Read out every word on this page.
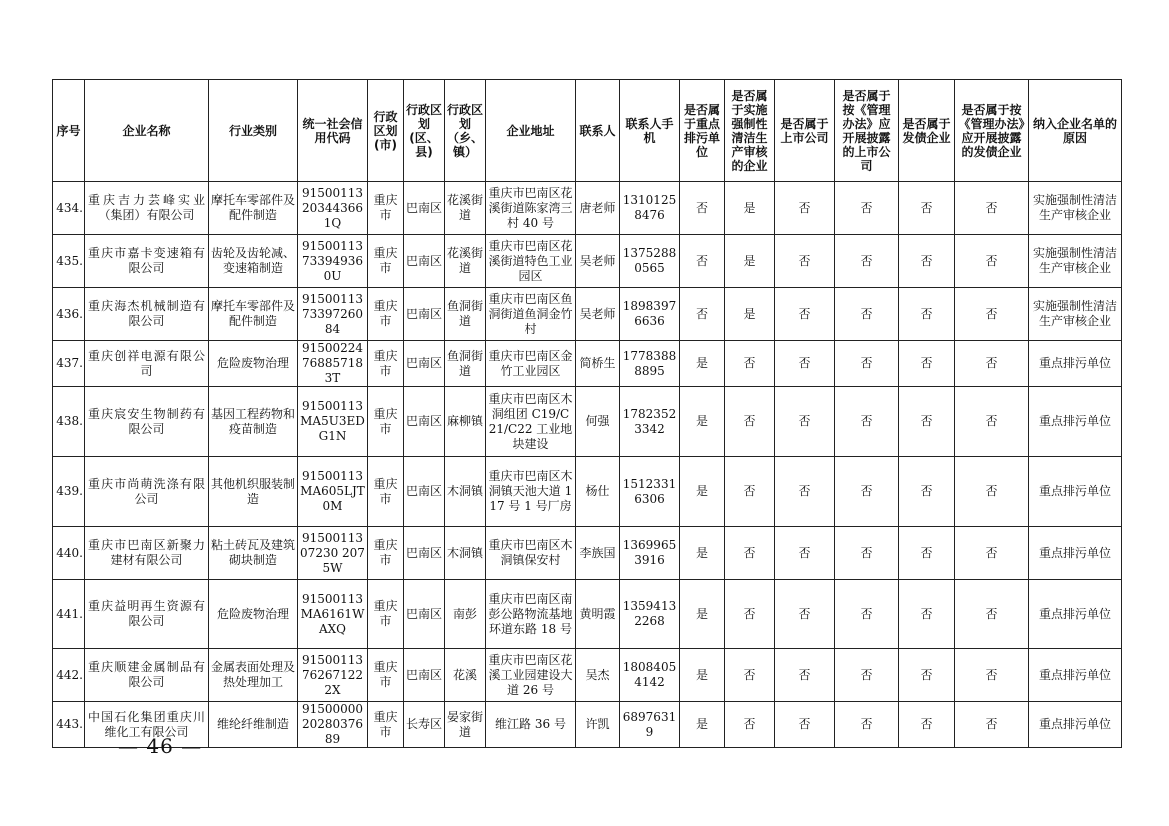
序号	企业名称	行业类别	统一社会信用代码	行政区划(市)	行政区划(区、县)	行政区划（乡、镇）	企业地址	联系人	联系人手机	是否属于重点排污单位	是否属于实施强制性清洁生产审核的企业	是否属于上市公司	是否属于按《管理办法》应开展披露的上市公司	是否属于发债企业	是否属于按《管理办法》应开展披露的发债企业	纳入企业名单的原因
434.	重庆吉力芸峰实业（集团）有限公司	摩托车零部件及配件制造	91500113203443661Q	重庆市	巴南区	花溪街道	重庆市巴南区花溪街道陈家湾三村 40 号	唐老师	13101258476	否	是	否	否	否	否	实施强制性清洁生产审核企业
435.	重庆市嘉卡变速箱有限公司	齿轮及齿轮减、变速箱制造	91500113733949360U	重庆市	巴南区	花溪街道	重庆市巴南区花溪街道特色工业园区	吴老师	13752880565	否	是	否	否	否	否	实施强制性清洁生产审核企业
436.	重庆海杰机械制造有限公司	摩托车零部件及配件制造	915001137339726084	重庆市	巴南区	鱼洞街道	重庆市巴南区鱼洞街道鱼洞金竹村	吴老师	18983976636	否	是	否	否	否	否	实施强制性清洁生产审核企业
437.	重庆创祥电源有限公司	危险废物治理	91500224768857183T	重庆市	巴南区	鱼洞街道	重庆市巴南区金竹工业园区	简桥生	17783888895	是	否	否	否	否	否	重点排污单位
438.	重庆宸安生物制药有限公司	基因工程药物和疫苗制造	91500113MA5U3EDG1N	重庆市	巴南区	麻柳镇	重庆市巴南区木洞组团 C19/C21/C22 工业地块建设	何强	17823523342	是	否	否	否	否	否	重点排污单位
439.	重庆市尚萌洗涤有限公司	其他机织服装制造	91500113MA605LJT0M	重庆市	巴南区	木洞镇	重庆市巴南区木洞镇天池大道 117 号 1 号厂房	杨仕	15123316306	是	否	否	否	否	否	重点排污单位
440.	重庆市巴南区新聚力建材有限公司	粘土砖瓦及建筑砌块制造	9150011307230 2075W	重庆市	巴南区	木洞镇	重庆市巴南区木洞镇保安村	李族国	13699653916	是	否	否	否	否	否	重点排污单位
441.	重庆益明再生资源有限公司	危险废物治理	91500113MA6161WAXQ	重庆市	巴南区	南彭	重庆市巴南区南彭公路物流基地环道东路 18 号	黄明霞	13594132268	是	否	否	否	否	否	重点排污单位
442.	重庆顺建金属制品有限公司	金属表面处理及热处理加工	91500113762671222X	重庆市	巴南区	花溪	重庆市巴南区花溪工业园建设大道 26 号	吴杰	18084054142	是	否	否	否	否	否	重点排污单位
443.	中国石化集团重庆川维化工有限公司	维纶纤维制造	915000002028037689	重庆市	长寿区	晏家街道	维江路 36 号	许凯	68976319	是	否	否	否	否	否	重点排污单位
— 46 —
